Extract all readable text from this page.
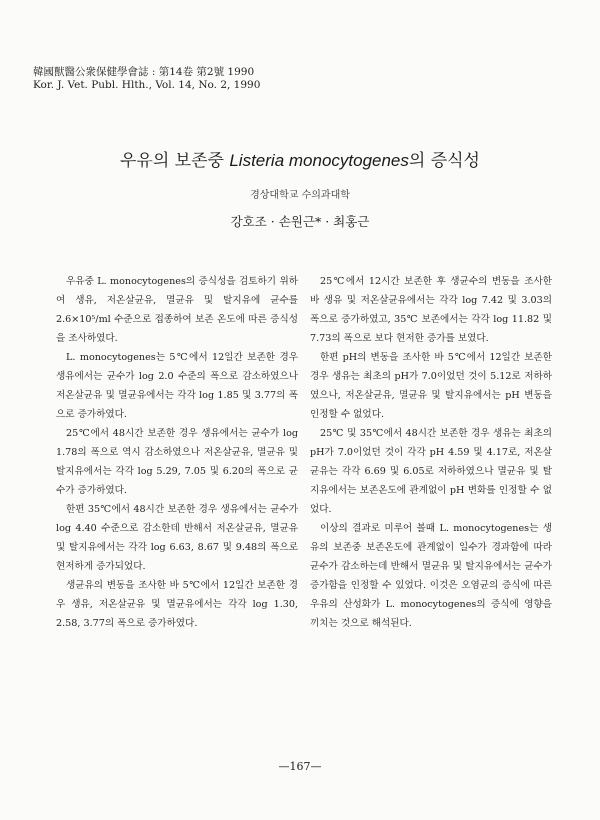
韓國獸醫公衆保健學會誌 : 第14卷 第2號 1990
Kor. J. Vet. Publ. Hlth., Vol. 14, No. 2, 1990
우유의 보존중 Listeria monocytogenes의 증식성
경상대학교 수의과대학
강호조 · 손원근* · 최홍근

우유중 L. monocytogenes의 증식성을 검토하기 위하여 생유, 저온살균유, 멸균유 및 탈지유에 균수를 2.6×10⁵/ml 수준으로 접종하여 보존 온도에 따른 증식성을 조사하였다.

L. monocytogenes는 5℃에서 12일간 보존한 경우 생유에서는 균수가 log 2.0 수준의 폭으로 감소하였으나 저온살균유 및 멸균유에서는 각각 log 1.85 및 3.77의 폭으로 증가하였다.

25℃에서 48시간 보존한 경우 생유에서는 균수가 log 1.78의 폭으로 역시 감소하였으나 저온살균유, 멸균유 및 탈지유에서는 각각 log 5.29, 7.05 및 6.20의 폭으로 균수가 증가하였다.

한편 35℃에서 48시간 보존한 경우 생유에서는 균수가 log 4.40 수준으로 감소한데 반해서 저온살균유, 멸균유 및 탈지유에서는 각각 log 6.63, 8.67 및 9.48의 폭으로 현저하게 증가되었다.

생균유의 변동을 조사한 바 5℃에서 12일간 보존한 경우 생유, 저온살균유 및 멸균유에서는 각각 log 1.30, 2.58, 3.77의 폭으로 증가하였다.

25℃에서 12시간 보존한 후 생균수의 변동을 조사한 바 생유 및 저온살균유에서는 각각 log 7.42 및 3.03의 폭으로 증가하였고, 35℃ 보존에서는 각각 log 11.82 및 7.73의 폭으로 보다 현저한 증가를 보였다.

한편 pH의 변동을 조사한 바 5℃에서 12일간 보존한 경우 생유는 최초의 pH가 7.0이었던 것이 5.12로 저하하였으나, 저온살균유, 멸균유 및 탈지유에서는 pH 변동을 인정할 수 없었다.

25℃ 및 35℃에서 48시간 보존한 경우 생유는 최초의 pH가 7.0이었던 것이 각각 pH 4.59 및 4.17로, 저온살균유는 각각 6.69 및 6.05로 저하하였으나 멸균유 및 탈지유에서는 보존온도에 관계없이 pH 변화를 인정할 수 없었다.

이상의 결과로 미루어 볼때 L. monocytogenes는 생유의 보존중 보존온도에 관계없이 일수가 경과함에 따라 균수가 감소하는데 반해서 멸균유 및 탈지유에서는 균수가 증가함을 인정할 수 있었다. 이것은 오염균의 증식에 따른 우유의 산성화가 L. monocytogenes의 증식에 영향을 끼치는 것으로 해석된다.

—167—
